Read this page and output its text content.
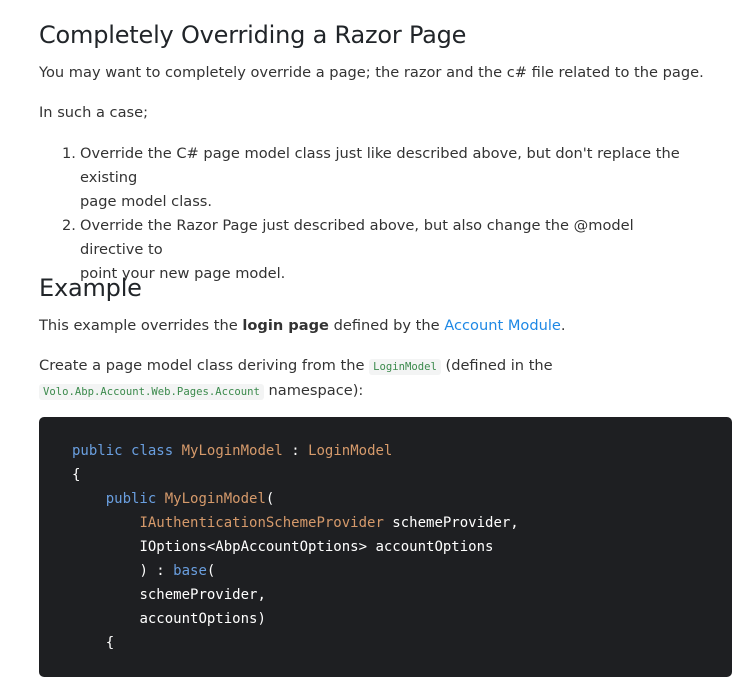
Completely Overriding a Razor Page

You may want to completely override a page; the razor and the c# file related to the page.

In such a case;

1. Override the C# page model class just like described above, but don't replace the existing
page model class.
2. Override the Razor Page just described above, but also change the @model directive to
point your new page model.
Example

This example overrides the login page defined by the Account Module.

Create a page model class deriving from the LoginModel (defined in the
Volo.Abp.Account.Web.Pages.Account namespace):

public class MyLoginModel : LoginModel
{
public MyLoginModel(
IAuthenticationSchemeProvider schemeProvider,
IOptions<AbpAccountOptions> accountOptions
) : base(
schemeProvider,
accountOptions)
{
